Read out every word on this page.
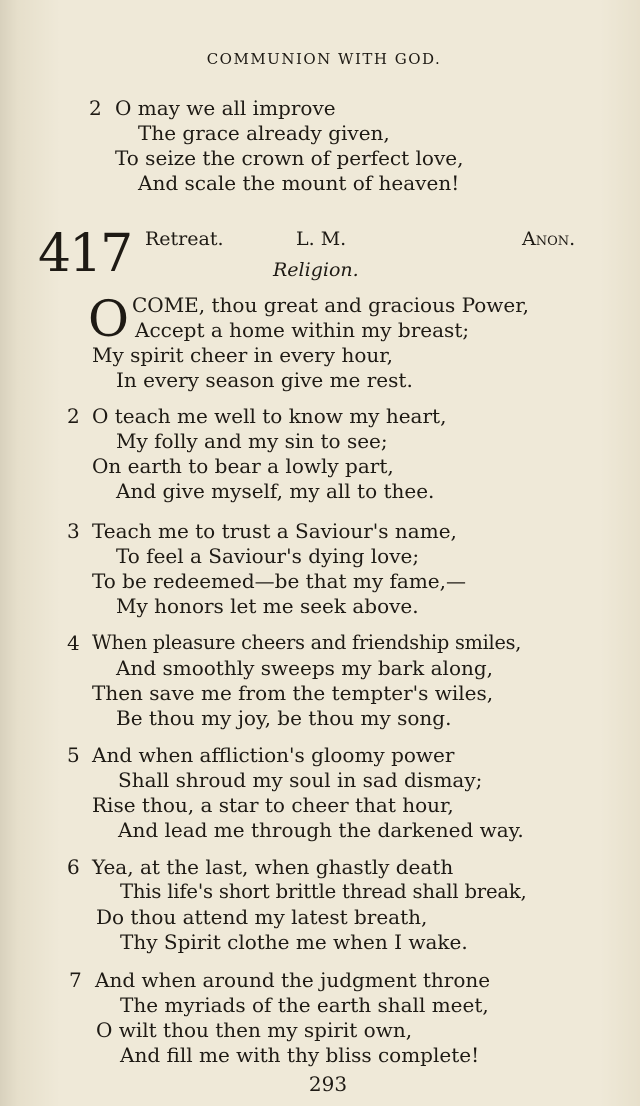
COMMUNION WITH GOD.
2 O may we all improve
The grace already given,
To seize the crown of perfect love,
And scale the mount of heaven!
417 Retreat.	L. M.	Anon.
Religion.
O COME, thou great and gracious Power,
Accept a home within my breast;
My spirit cheer in every hour,
In every season give me rest.
2 O teach me well to know my heart,
My folly and my sin to see;
On earth to bear a lowly part,
And give myself, my all to thee.
3 Teach me to trust a Saviour's name,
To feel a Saviour's dying love;
To be redeemed—be that my fame,—
My honors let me seek above.
4 When pleasure cheers and friendship smiles,
And smoothly sweeps my bark along,
Then save me from the tempter's wiles,
Be thou my joy, be thou my song.
5 And when affliction's gloomy power
Shall shroud my soul in sad dismay;
Rise thou, a star to cheer that hour,
And lead me through the darkened way.
6 Yea, at the last, when ghastly death
This life's short brittle thread shall break,
Do thou attend my latest breath,
Thy Spirit clothe me when I wake.
7 And when around the judgment throne
The myriads of the earth shall meet,
O wilt thou then my spirit own,
And fill me with thy bliss complete!
293
